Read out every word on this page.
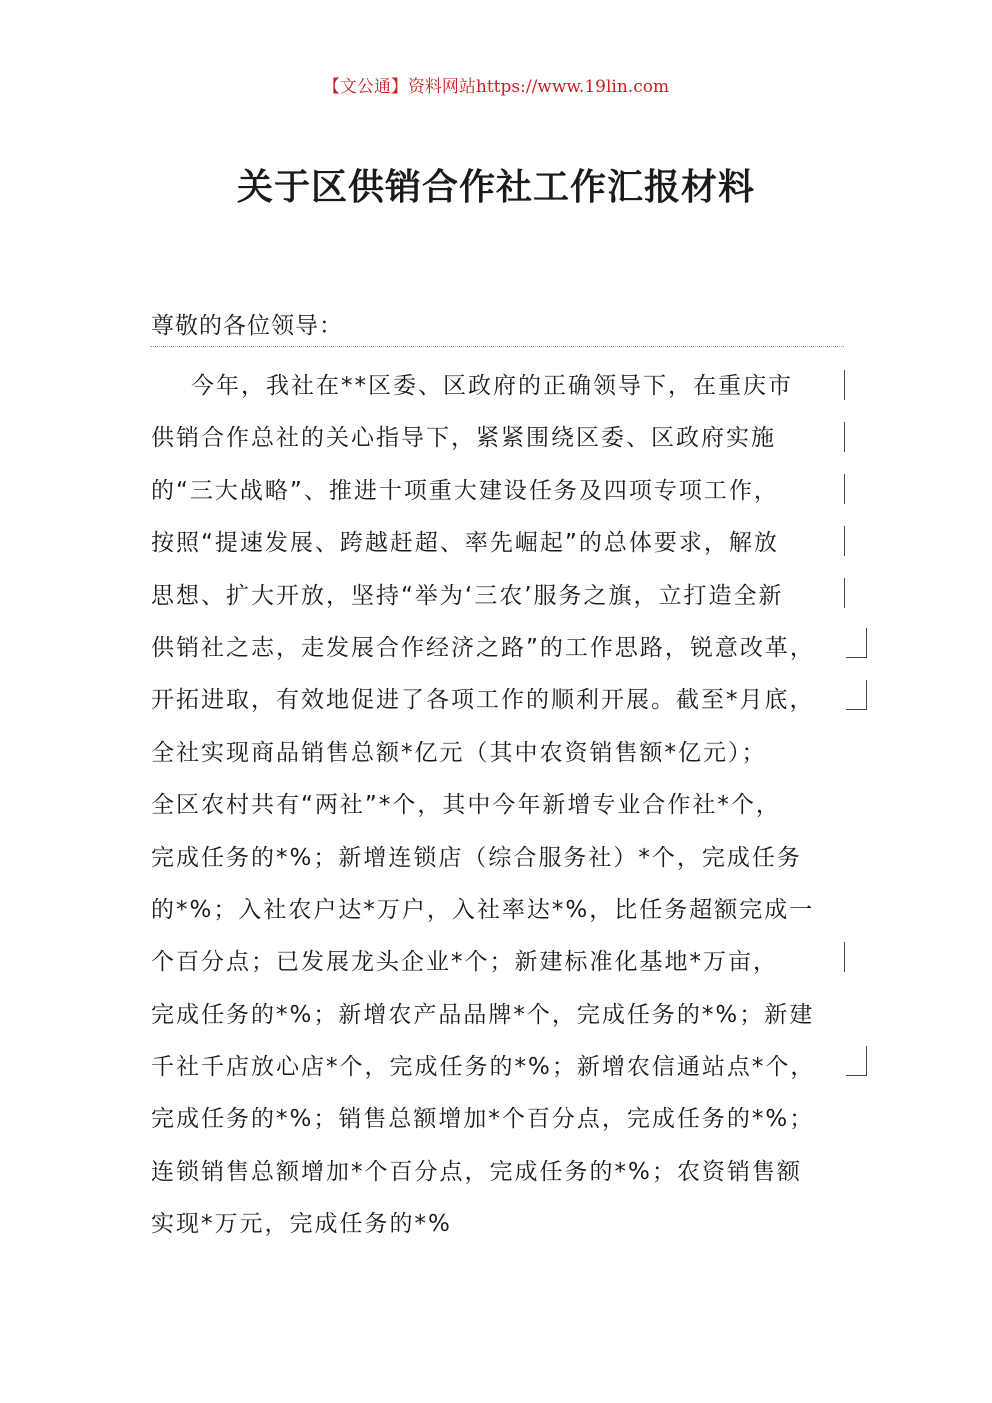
【文公通】资料网站https://www.19lin.com
关于区供销合作社工作汇报材料
尊敬的各位领导：
今年，我社在**区委、区政府的正确领导下，在重庆市
供销合作总社的关心指导下，紧紧围绕区委、区政府实施
的“三大战略”、推进十项重大建设任务及四项专项工作，
按照“提速发展、跨越赶超、率先崛起”的总体要求，解放
思想、扩大开放，坚持“举为‘三农’服务之旗，立打造全新
供销社之志，走发展合作经济之路”的工作思路，锐意改革，
开拓进取，有效地促进了各项工作的顺利开展。截至*月底，
全社实现商品销售总额*亿元（其中农资销售额*亿元）；
全区农村共有“两社”*个，其中今年新增专业合作社*个，
完成任务的*%；新增连锁店（综合服务社）*个，完成任务
的*%；入社农户达*万户，入社率达*%，比任务超额完成一
个百分点；已发展龙头企业*个；新建标准化基地*万亩，
完成任务的*%；新增农产品品牌*个，完成任务的*%；新建
千社千店放心店*个，完成任务的*%；新增农信通站点*个，
完成任务的*%；销售总额增加*个百分点，完成任务的*%；
连锁销售总额增加*个百分点，完成任务的*%；农资销售额
实现*万元，完成任务的*%
